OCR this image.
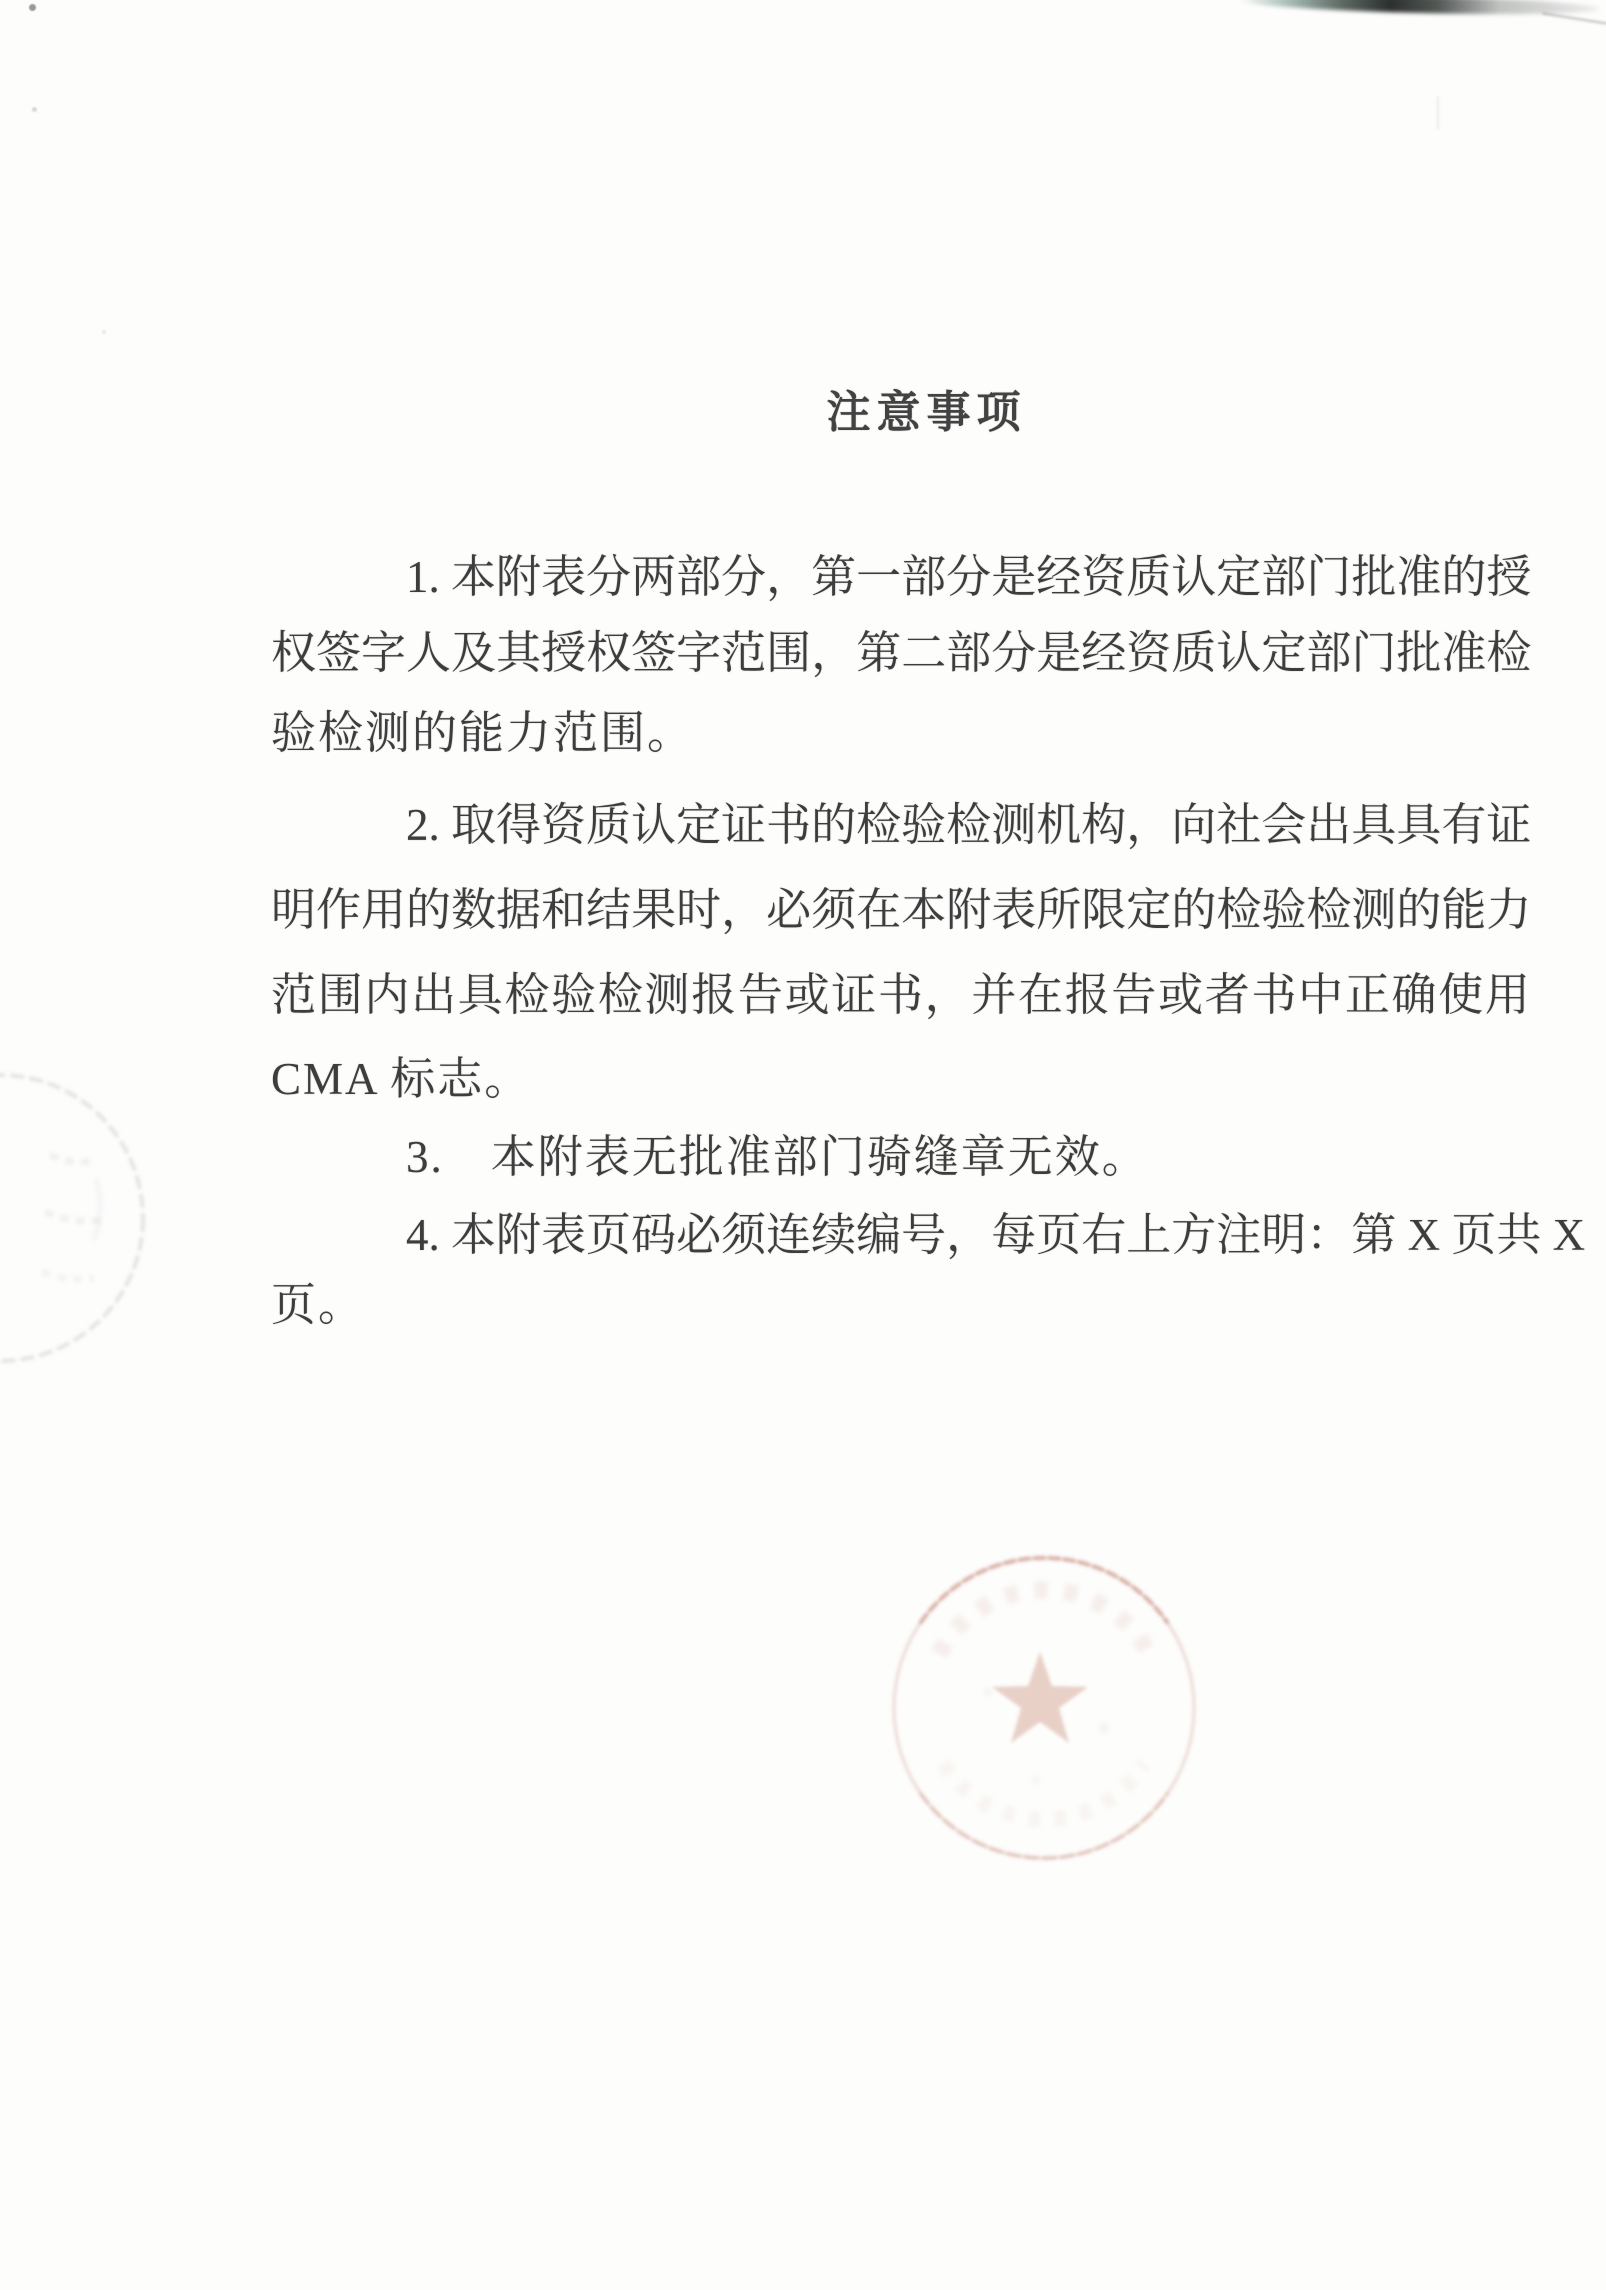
注意事项
1 .
本 附 表 分 两 部 分 ， 第 一 部 分 是 经 资 质 认 定 部 门 批 准 的 授
权 签 字 人 及 其 授 权 签 字 范 围 ， 第 二 部 分 是 经 资 质 认 定 部 门 批 准 检
验检测的能力范围。
2 .
取 得 资 质 认 定 证 书 的 检 验 检 测 机 构 ， 向 社 会 出 具 具 有 证
明 作 用 的 数 据 和 结 果 时 ， 必 须 在 本 附 表 所 限 定 的 检 验 检 测 的 能 力
范 围 内 出 具 检 验 检 测 报 告 或 证 书 ， 并 在 报 告 或 者 书 中 正 确 使 用
CMA 标志。
3.　本附表无批准部门骑缝章无效。
4 .
本 附 表 页 码 必 须 连 续 编 号 ， 每 页 右 上 方 注 明 ： 第
X
页 共
X
页。
